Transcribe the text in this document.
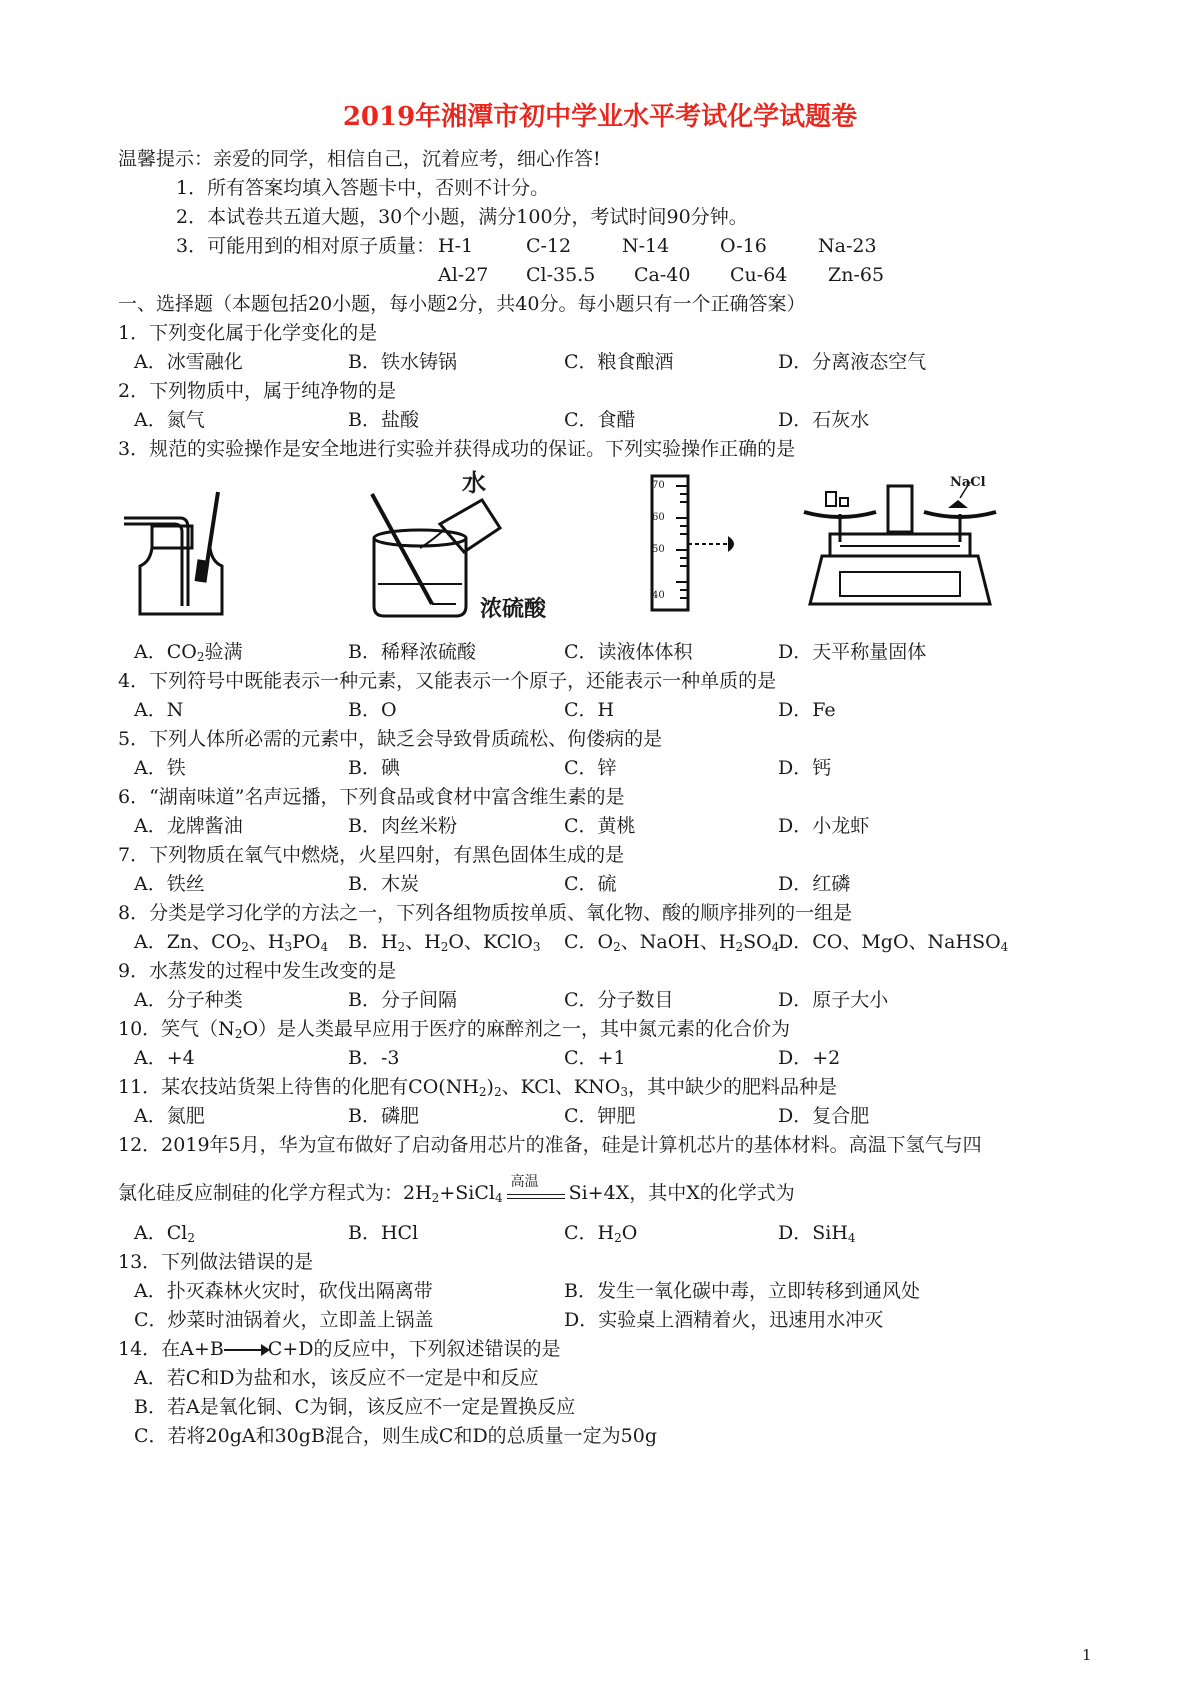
2019年湘潭市初中学业水平考试化学试题卷
温馨提示：亲爱的同学，相信自己，沉着应考，细心作答!
1．所有答案均填入答题卡中，否则不计分。
2．本试卷共五道大题，30个小题，满分100分，考试时间90分钟。
3．可能用到的相对原子质量： H-1	C-12	N-14	O-16	Na-23
Al-27 Cl-35.5 Ca-40 Cu-64 Zn-65
一、选择题（本题包括20小题，每小题2分，共40分。每小题只有一个正确答案）
1．下列变化属于化学变化的是
A．冰雪融化	B．铁水铸锅	C．粮食酿酒	D．分离液态空气
2．下列物质中，属于纯净物的是
A．氮气	B．盐酸	C．食醋	D．石灰水
3．规范的实验操作是安全地进行实验并获得成功的保证。下列实验操作正确的是
水
浓硫酸
70
60
50
40
NaCl
A．$CO_2$验满	B．稀释浓硫酸	C．读液体体积	D．天平称量固体
4．下列符号中既能表示一种元素，又能表示一个原子，还能表示一种单质的是
A．N	B．O	C．H	D．Fe
5．下列人体所必需的元素中，缺乏会导致骨质疏松、佝偻病的是
A．铁	B．碘	C．锌	D．钙
6．“湖南味道”名声远播，下列食品或食材中富含维生素的是
A．龙牌酱油	B．肉丝米粉	C．黄桃	D．小龙虾
7．下列物质在氧气中燃烧，火星四射，有黑色固体生成的是
A．铁丝	B．木炭	C．硫	D．红磷
8．分类是学习化学的方法之一，下列各组物质按单质、氧化物、酸的顺序排列的一组是
A．Zn、$CO_2$、$H_3PO_4$ B．$H_2$、$H_2O$、KClO$_3$ C．$O_2$、NaOH、$H_2SO_4$
D．CO、MgO、NaHSO$_4$
9．水蒸发的过程中发生改变的是
A．分子种类	B．分子间隔	C．分子数目	D．原子大小
10．笑气$(N_2O)$是人类最早应用于医疗的麻醉剂之一，其中氮元素的化合价为
A．+4	B．-3	C．+1	D．+2
11．某农技站货架上待售的化肥有$CO(NH_2)_2$、KCl、$KNO_3$，其中缺少的肥料品种是
A．氮肥	B．磷肥	C．钾肥	D．复合肥
12．2019年5月，华为宣布做好了启动备用芯片的准备，硅是计算机芯片的基体材料。高温下氢气与四
氯化硅反应制硅的化学方程式为：$2H_2+SiCl_4$
高温 Si+4X，其中X的化学式为
A．$Cl_2$	B．HCl	C．$H_2O$	D．SiH$_4$
13．下列做法错误的是
A．扑灭森林火灾时，砍伐出隔离带	B．发生一氧化碳中毒，立即转移到通风处
C．炒菜时油锅着火，立即盖上锅盖	D．实验桌上酒精着火，迅速用水冲灭
14．在A+B→C+D的反应中，下列叙述错误的是
A．若C和D为盐和水，该反应不一定是中和反应
B．若A是氧化铜、C为铜，该反应不一定是置换反应
C．若将20gA和30gB混合，则生成C和D的总质量一定为50g
1
